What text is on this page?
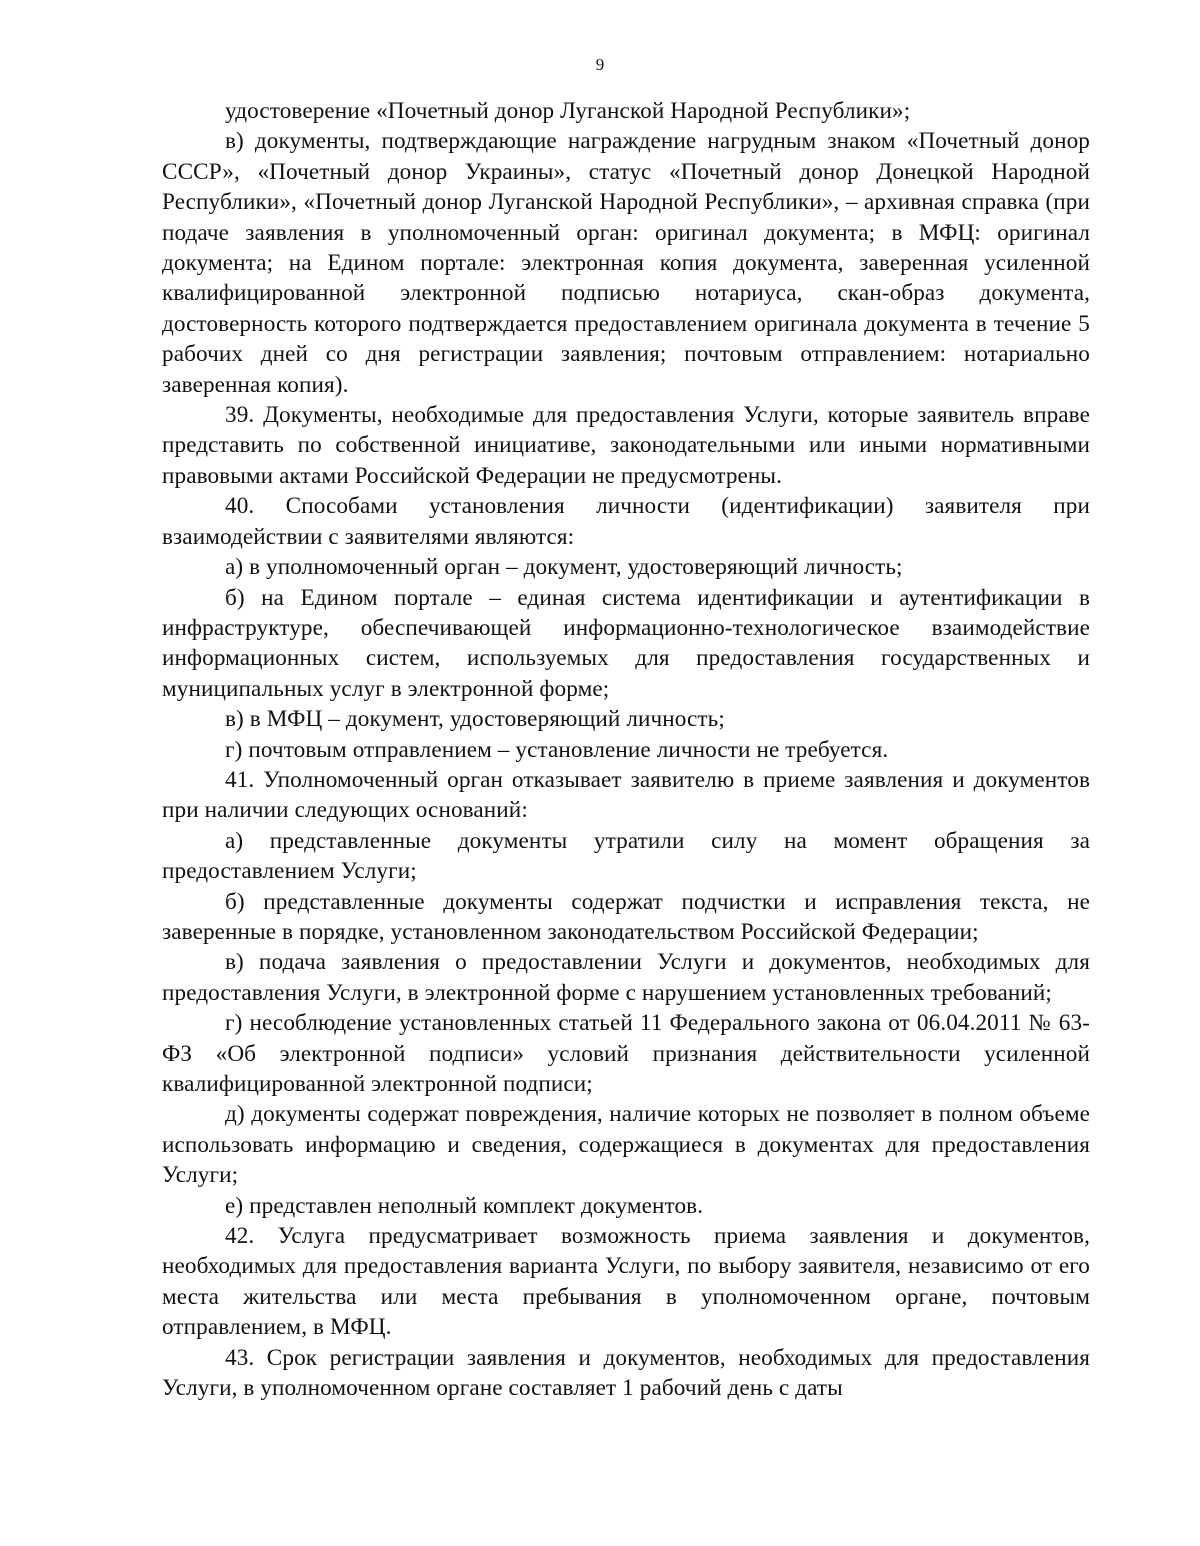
9

удостоверение «Почетный донор Луганской Народной Республики»;

в) документы, подтверждающие награждение нагрудным знаком «Почетный донор СССР», «Почетный донор Украины», статус «Почетный донор Донецкой Народной Республики», «Почетный донор Луганской Народной Республики», – архивная справка (при подаче заявления в уполномоченный орган: оригинал документа; в МФЦ: оригинал документа; на Едином портале: электронная копия документа, заверенная усиленной квалифицированной электронной подписью нотариуса, скан-образ документа, достоверность которого подтверждается предоставлением оригинала документа в течение 5 рабочих дней со дня регистрации заявления; почтовым отправлением: нотариально заверенная копия).

39. Документы, необходимые для предоставления Услуги, которые заявитель вправе представить по собственной инициативе, законодательными или иными нормативными правовыми актами Российской Федерации не предусмотрены.

40. Способами установления личности (идентификации) заявителя при взаимодействии с заявителями являются:

а) в уполномоченный орган – документ, удостоверяющий личность;

б) на Едином портале – единая система идентификации и аутентификации в инфраструктуре, обеспечивающей информационно-технологическое взаимодействие информационных систем, используемых для предоставления государственных и муниципальных услуг в электронной форме;

в) в МФЦ – документ, удостоверяющий личность;

г) почтовым отправлением – установление личности не требуется.

41. Уполномоченный орган отказывает заявителю в приеме заявления и документов при наличии следующих оснований:

а) представленные документы утратили силу на момент обращения за предоставлением Услуги;

б) представленные документы содержат подчистки и исправления текста, не заверенные в порядке, установленном законодательством Российской Федерации;

в) подача заявления о предоставлении Услуги и документов, необходимых для предоставления Услуги, в электронной форме с нарушением установленных требований;

г) несоблюдение установленных статьей 11 Федерального закона от 06.04.2011 № 63-ФЗ «Об электронной подписи» условий признания действительности усиленной квалифицированной электронной подписи;

д) документы содержат повреждения, наличие которых не позволяет в полном объеме использовать информацию и сведения, содержащиеся в документах для предоставления Услуги;

е) представлен неполный комплект документов.

42. Услуга предусматривает возможность приема заявления и документов, необходимых для предоставления варианта Услуги, по выбору заявителя, независимо от его места жительства или места пребывания в уполномоченном органе, почтовым отправлением, в МФЦ.

43. Срок регистрации заявления и документов, необходимых для предоставления Услуги, в уполномоченном органе составляет 1 рабочий день с даты
